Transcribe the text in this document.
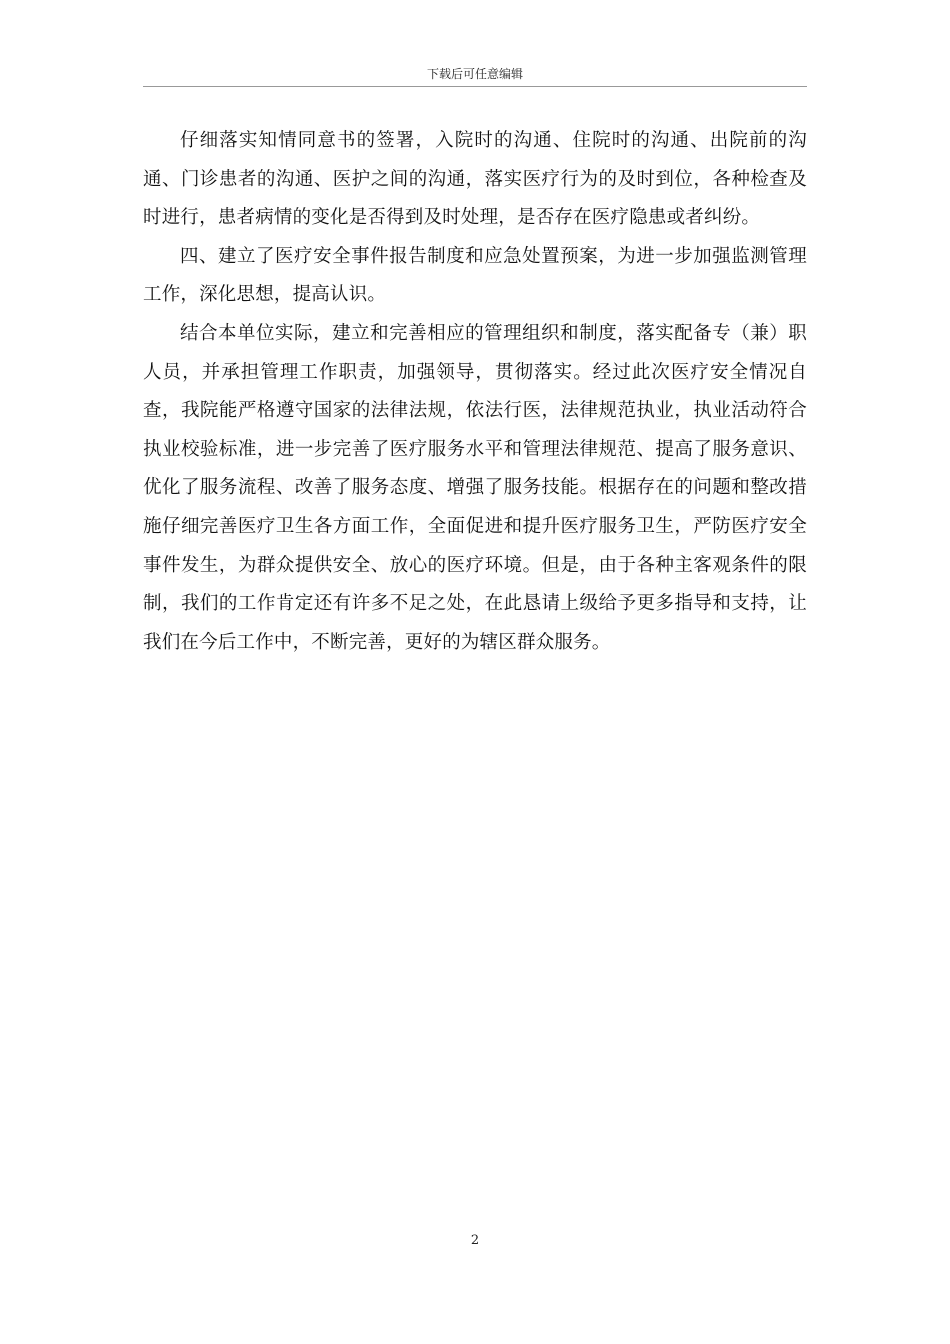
下载后可任意编辑

仔细落实知情同意书的签署，入院时的沟通、住院时的沟通、出院前的沟通、门诊患者的沟通、医护之间的沟通，落实医疗行为的及时到位，各种检查及时进行，患者病情的变化是否得到及时处理，是否存在医疗隐患或者纠纷。

四、建立了医疗安全事件报告制度和应急处置预案，为进一步加强监测管理工作，深化思想，提高认识。

结合本单位实际，建立和完善相应的管理组织和制度，落实配备专（兼）职人员，并承担管理工作职责，加强领导，贯彻落实。经过此次医疗安全情况自查，我院能严格遵守国家的法律法规，依法行医，法律规范执业，执业活动符合执业校验标准，进一步完善了医疗服务水平和管理法律规范、提高了服务意识、优化了服务流程、改善了服务态度、增强了服务技能。根据存在的问题和整改措施仔细完善医疗卫生各方面工作，全面促进和提升医疗服务卫生，严防医疗安全事件发生，为群众提供安全、放心的医疗环境。但是，由于各种主客观条件的限制，我们的工作肯定还有许多不足之处，在此恳请上级给予更多指导和支持，让我们在今后工作中，不断完善，更好的为辖区群众服务。

2
